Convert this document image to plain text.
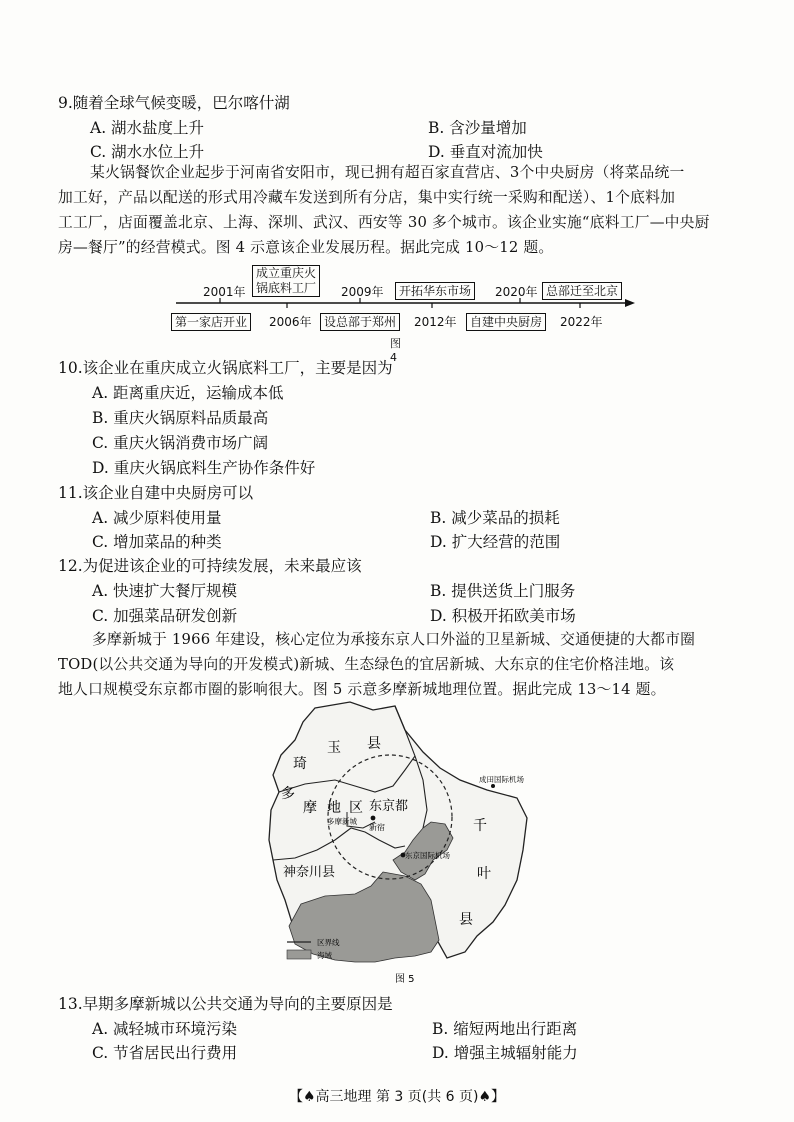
9.随着全球气候变暖，巴尔喀什湖
A. 湖水盐度上升	B. 含沙量增加
C. 湖水水位上升	D. 垂直对流加快
某火锅餐饮企业起步于河南省安阳市，现已拥有超百家直营店、3个中央厨房（将菜品统一
加工好，产品以配送的形式用冷藏车发送到所有分店，集中实行统一采购和配送）、1个底料加
工工厂，店面覆盖北京、上海、深圳、武汉、西安等 30 多个城市。该企业实施“底料工厂—中央厨
房—餐厅”的经营模式。图 4 示意该企业发展历程。据此完成 10～12 题。
2001年
第一家店开业
成立重庆火
锅底料工厂
2006年
2009年
设总部于郑州
开拓华东市场
2012年
2020年
自建中央厨房
总部迁至北京
2022年
图 4
10.该企业在重庆成立火锅底料工厂，主要是因为
A. 距离重庆近，运输成本低
B. 重庆火锅原料品质最高
C. 重庆火锅消费市场广阔
D. 重庆火锅底料生产协作条件好
11.该企业自建中央厨房可以
A. 减少原料使用量	B. 减少菜品的损耗
C. 增加菜品的种类	D. 扩大经营的范围
12.为促进该企业的可持续发展，未来最应该
A. 快速扩大餐厅规模	B. 提供送货上门服务
C. 加强菜品研发创新	D. 积极开拓欧美市场
多摩新城于 1966 年建设，核心定位为承接东京人口外溢的卫星新城、交通便捷的大都市圈
TOD(以公共交通为导向的开发模式)新城、生态绿色的宜居新城、大东京的住宅价格洼地。该
地人口规模受东京都市圈的影响很大。图 5 示意多摩新城地理位置。据此完成 13～14 题。
琦
玉 县
多
摩 地 区 东京都
多摩新城
新宿
成田国际机场
东京国际机场
千
叶
县
神奈川县
区界线
海域
图 5
13.早期多摩新城以公共交通为导向的主要原因是
A. 减轻城市环境污染	B. 缩短两地出行距离
C. 节省居民出行费用	D. 增强主城辐射能力
【♠高三地理 第 3 页(共 6 页)♠】
